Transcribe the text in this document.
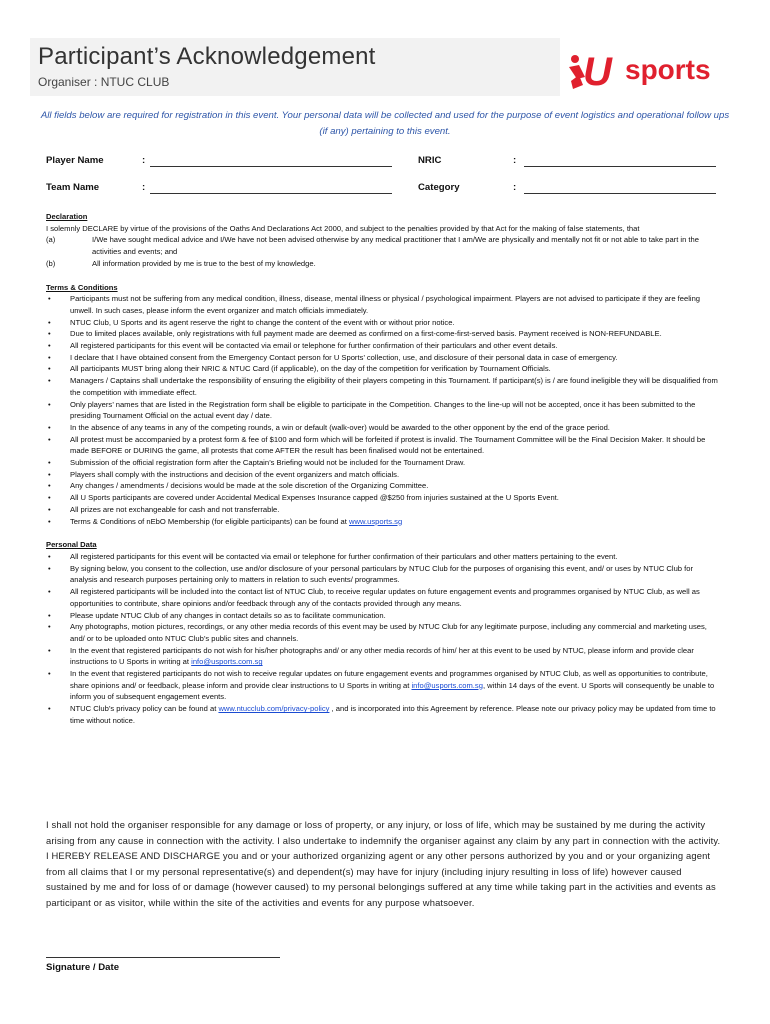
Participant’s Acknowledgement
Organiser : NTUC CLUB	U sports
All fields below are required for registration in this event. Your personal data will be collected and used for the purpose of event logistics and operational follow ups (if any) pertaining to this event.
Player Name	:	NRIC	:
Team Name	:	Category	:

Declaration

I solemnly DECLARE by virtue of the provisions of the Oaths And Declarations Act 2000, and subject to the penalties provided by that Act for the making of false statements, that

(a)	I/We have sought medical advice and I/We have not been advised otherwise by any medical practitioner that I am/We are physically and mentally not fit or not able to take part in the activities and events; and
(b)	All information provided by me is true to the best of my knowledge.

Terms & Conditions

• Participants must not be suffering from any medical condition, illness, disease, mental illness or physical / psychological impairment. Players are not advised to participate if they are feeling unwell. In such cases, please inform the event organizer and match officials immediately.
• NTUC Club, U Sports and its agent reserve the right to change the content of the event with or without prior notice.
• Due to limited places available, only registrations with full payment made are deemed as confirmed on a first-come-first-served basis. Payment received is NON-REFUNDABLE.
• All registered participants for this event will be contacted via email or telephone for further confirmation of their particulars and other event details.
• I declare that I have obtained consent from the Emergency Contact person for U Sports’ collection, use, and disclosure of their personal data in case of emergency.
• All participants MUST bring along their NRIC & NTUC Card (if applicable), on the day of the competition for verification by Tournament Officials.
• Managers / Captains shall undertake the responsibility of ensuring the eligibility of their players competing in this Tournament. If participant(s) is / are found ineligible they will be disqualified from the competition with immediate effect.
• Only players’ names that are listed in the Registration form shall be eligible to participate in the Competition. Changes to the line-up will not be accepted, once it has been submitted to the presiding Tournament Official on the actual event day / date.
• In the absence of any teams in any of the competing rounds, a win or default (walk-over) would be awarded to the other opponent by the end of the grace period.
• All protest must be accompanied by a protest form & fee of $100 and form which will be forfeited if protest is invalid. The Tournament Committee will be the Final Decision Maker. It should be made BEFORE or DURING the game, all protests that come AFTER the result has been finalised would not be entertained.
• Submission of the official registration form after the Captain’s Briefing would not be included for the Tournament Draw.
• Players shall comply with the instructions and decision of the event organizers and match officials.
• Any changes / amendments / decisions would be made at the sole discretion of the Organizing Committee.
• All U Sports participants are covered under Accidental Medical Expenses Insurance capped @$250 from injuries sustained at the U Sports Event.
• All prizes are not exchangeable for cash and not transferrable.
• Terms & Conditions of nEbO Membership (for eligible participants) can be found at www.usports.sg

Personal Data

• All registered participants for this event will be contacted via email or telephone for further confirmation of their particulars and other matters pertaining to the event.
• By signing below, you consent to the collection, use and/or disclosure of your personal particulars by NTUC Club for the purposes of organising this event, and/ or uses by NTUC Club for analysis and research purposes pertaining only to matters in relation to such events/ programmes.
• All registered participants will be included into the contact list of NTUC Club, to receive regular updates on future engagement events and programmes organised by NTUC Club, as well as opportunities to contribute, share opinions and/or feedback through any of the contacts provided through any means.
• Please update NTUC Club of any changes in contact details so as to facilitate communication.
• Any photographs, motion pictures, recordings, or any other media records of this event may be used by NTUC Club for any legitimate purpose, including any commercial and marketing uses, and/ or to be uploaded onto NTUC Club’s public sites and channels.
• In the event that registered participants do not wish for his/her photographs and/ or any other media records of him/ her at this event to be used by NTUC, please inform and provide clear instructions to U Sports in writing at info@usports.com.sg
• In the event that registered participants do not wish to receive regular updates on future engagement events and programmes organised by NTUC Club, as well as opportunities to contribute, share opinions and/ or feedback, please inform and provide clear instructions to U Sports in writing at info@usports.com.sg, within 14 days of the event. U Sports will consequently be unable to inform you of subsequent engagement events.
• NTUC Club’s privacy policy can be found at www.ntucclub.com/privacy-policy , and is incorporated into this Agreement by reference. Please note our privacy policy may be updated from time to time without notice.
I shall not hold the organiser responsible for any damage or loss of property, or any injury, or loss of life, which may be sustained by me during the activity arising from any cause in connection with the activity. I also undertake to indemnify the organiser against any claim by any part in connection with the activity. I HEREBY RELEASE AND DISCHARGE you and or your authorized organizing agent or any other persons authorized by you and or your organizing agent from all claims that I or my personal representative(s) and dependent(s) may have for injury (including injury resulting in loss of life) however caused sustained by me and for loss of or damage (however caused) to my personal belongings suffered at any time while taking part in the activities and events as participant or as visitor, while within the site of the activities and events for any purpose whatsoever.
Signature / Date
